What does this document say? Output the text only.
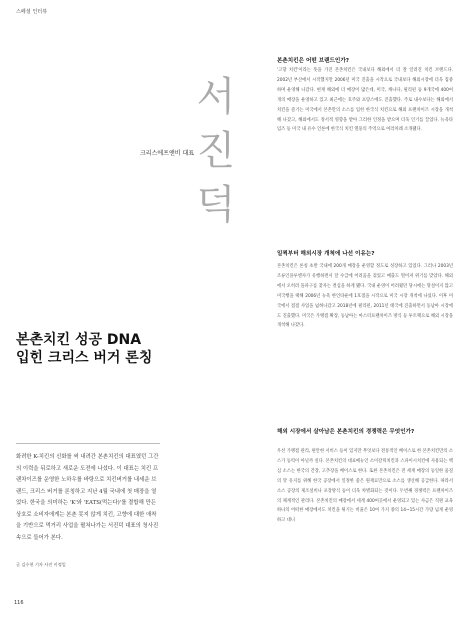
스페셜 인터뷰
서
진
덕
크리스에프앤비 대표
본촌치킨 성공 DNA 입힌 크리스 버거 론칭
화려한 K-치킨의 신화를 써 내려간 본촌치킨의 대표였던 그간의 이력을 뒤로하고 새로운 도전에 나섰다. 이 대표는 치킨 프랜차이즈를 운영한 노하우를 바탕으로 치킨버거를 내세운 브랜드, 크리스 버거를 론칭하고 지난 4월 국내에 첫 매장을 열었다. 한국을 의미하는 'K'와 'EATS(먹는다)'를 결합해 만든 상호로 소비자에게는 본촌 못지 않게 치킨, 고향에 대한 애착을 기반으로 먹거리 사업을 펼쳐나가는 서진덕 대표의 청사진 속으로 들어가 본다.
글 김수현 기자 사진 이정일
116
본촌치킨은 어떤 브랜드인가?
'고향 치킨'이라는 뜻을 가진 본촌치킨은 국내보다 해외에서 더 잘 알려진 치킨 브랜드다. 2002년 부산에서 시작했지만 2006년 미국 진출을 시작으로 국내보다 해외시장에 더욱 집중하며 운영해 나갔다. 현재 해외에 더 매장이 많은데, 미국, 캐나다, 필리핀 등 9개국에 400여 개의 매장을 운영하고 있고 최근에는 호주와 프랑스에도 진출했다. 주로 내수보다는 해외에서 치킨을 즐기는 미국에서 본촌만의 소스를 입힌 한국식 치킨으로 해외 프랜차이즈 시장을 개척해 나갔고, 해외에서도 정서적 영향을 받아 그러한 인정을 받으며 더욱 인기를 끌었다. 뉴욕타임즈 등 미국 내 유수 언론에 한국식 치킨 열풍의 주역으로 여러차례 소개됐다.
일찍부터 해외시장 개척에 나선 이유는?
본촌치킨은 론칭 초반 국내에 200개 매장을 운영할 정도로 성장하고 있었다. 그러나 2003년 조류인플루엔자가 유행하면서 달 수급에 어려움을 겪었고 매출도 떨어져 위기를 맞았다. 해외에서 오히려 돌파구를 찾자는 결심을 하게 됐다. 국내 운영이 어려웠던 당시에는 망설이지 않고 미국행을 택해 2006년 뉴욕 한인타운에 1호점을 시작으로 미국 시장 개척에 나섰다. 이후 미국에서 점점 사업을 넓혀나갔고 2018년에 필리핀, 2011년 태국에 진출하면서 동남아 시장에도 진출했다. 미국은 가맹점 확장, 동남아는 마스터프랜차이즈 방식 등 투트랙으로 해외 시장을 개척해 나갔다.
해외 시장에서 살아남은 본촌치킨의 경쟁력은 무엇인가?
우선 가맹점 관리, 편안한 서비스 등이 있지만 무엇보다 전통적인 베이스로 한 본촌치킨만의 소스가 동력이 아닐까 싶다. 본촌치킨의 대표메뉴인 소이갈릭치킨과 스파이시치킨에 사용되는 핵심 소스는 한국의 간장, 고추장을 베이스로 한다. 또한 본촌치킨은 전 세계 매장의 동일한 품질의 맛 유지를 위해 한국 공장에서 일정한 좋은 원재료만으로 소스를 생산해 공급한다. 따라서 소스 공장의 제조설비나 포장방식 등이 더욱 차별화되는 것이다. 두번째 경쟁력은 프랜차이즈의 체계적인 관리다. 본촌치킨의 매장에서 세계 400여곳에서 운영되고 있는 사금은 직원 교육 하나의 어떠한 매장에서도 치킨을 튀기는 비율은 10여 가지 종의 14~15시간 가량 넘게 운영하고 대니
